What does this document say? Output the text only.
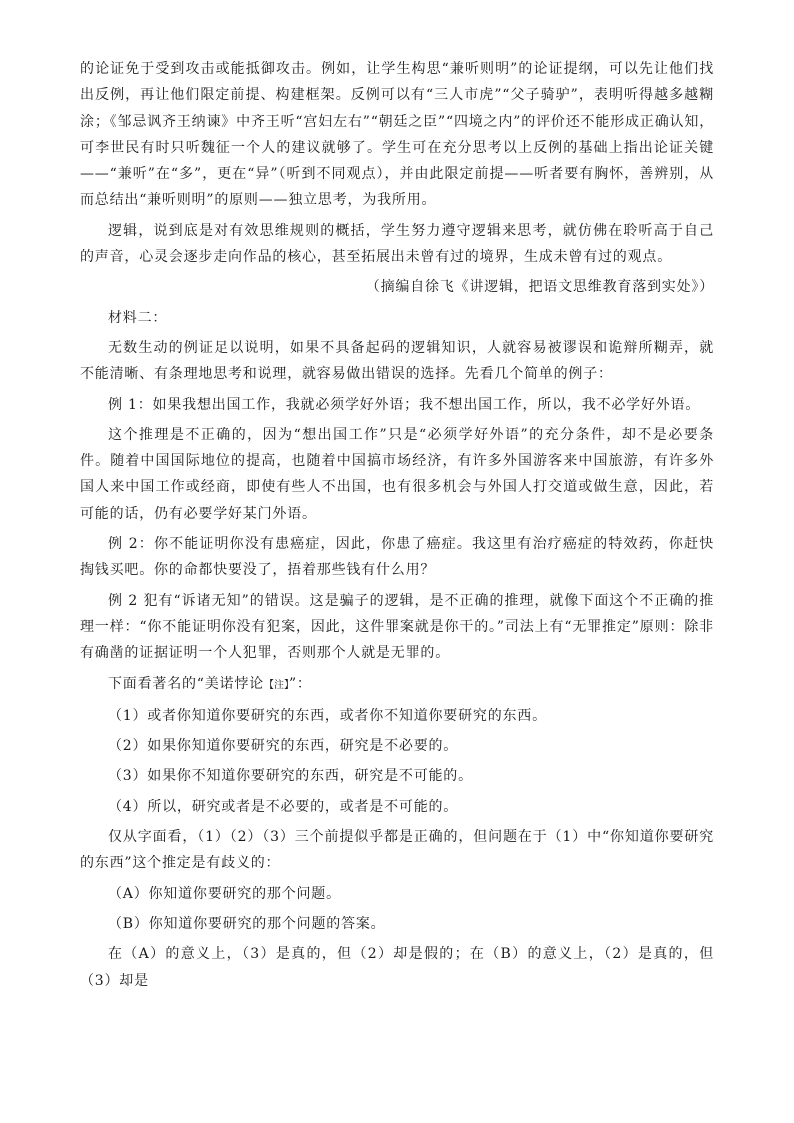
的论证免于受到攻击或能抵御攻击。例如，让学生构思“兼听则明”的论证提纲，可以先让他们找出反例，再让他们限定前提、构建框架。反例可以有“三人市虎”“父子骑驴”，表明听得越多越糊涂；《邹忌讽齐王纳谏》中齐王听“宫妇左右”“朝廷之臣”“四境之内”的评价还不能形成正确认知，可李世民有时只听魏征一个人的建议就够了。学生可在充分思考以上反例的基础上指出论证关键——“兼听”在“多”，更在“异”（听到不同观点），并由此限定前提——听者要有胸怀，善辨别，从而总结出“兼听则明”的原则——独立思考，为我所用。

逻辑，说到底是对有效思维规则的概括，学生努力遵守逻辑来思考，就仿佛在聆听高于自己的声音，心灵会逐步走向作品的核心，甚至拓展出未曾有过的境界，生成未曾有过的观点。

（摘编自徐飞《讲逻辑，把语文思维教育落到实处》）

材料二：

无数生动的例证足以说明，如果不具备起码的逻辑知识，人就容易被谬误和诡辩所糊弄，就不能清晰、有条理地思考和说理，就容易做出错误的选择。先看几个简单的例子：

例 1：如果我想出国工作，我就必须学好外语；我不想出国工作，所以，我不必学好外语。

这个推理是不正确的，因为“想出国工作”只是“必须学好外语”的充分条件，却不是必要条件。随着中国国际地位的提高，也随着中国搞市场经济，有许多外国游客来中国旅游，有许多外国人来中国工作或经商，即使有些人不出国，也有很多机会与外国人打交道或做生意，因此，若可能的话，仍有必要学好某门外语。

例 2：你不能证明你没有患癌症，因此，你患了癌症。我这里有治疗癌症的特效药，你赶快掏钱买吧。你的命都快要没了，捂着那些钱有什么用？

例 2 犯有“诉诸无知”的错误。这是骗子的逻辑，是不正确的推理，就像下面这个不正确的推理一样：“你不能证明你没有犯案，因此，这件罪案就是你干的。”司法上有“无罪推定”原则：除非有确凿的证据证明一个人犯罪，否则那个人就是无罪的。

下面看著名的“美诺悖论【注】”：

（1）或者你知道你要研究的东西，或者你不知道你要研究的东西。

（2）如果你知道你要研究的东西，研究是不必要的。

（3）如果你不知道你要研究的东西，研究是不可能的。

（4）所以，研究或者是不必要的，或者是不可能的。

仅从字面看，（1）（2）（3）三个前提似乎都是正确的，但问题在于（1）中“你知道你要研究的东西”这个推定是有歧义的：

（A）你知道你要研究的那个问题。

（B）你知道你要研究的那个问题的答案。

在（A）的意义上，（3）是真的，但（2）却是假的；在（B）的意义上，（2）是真的，但（3）却是
